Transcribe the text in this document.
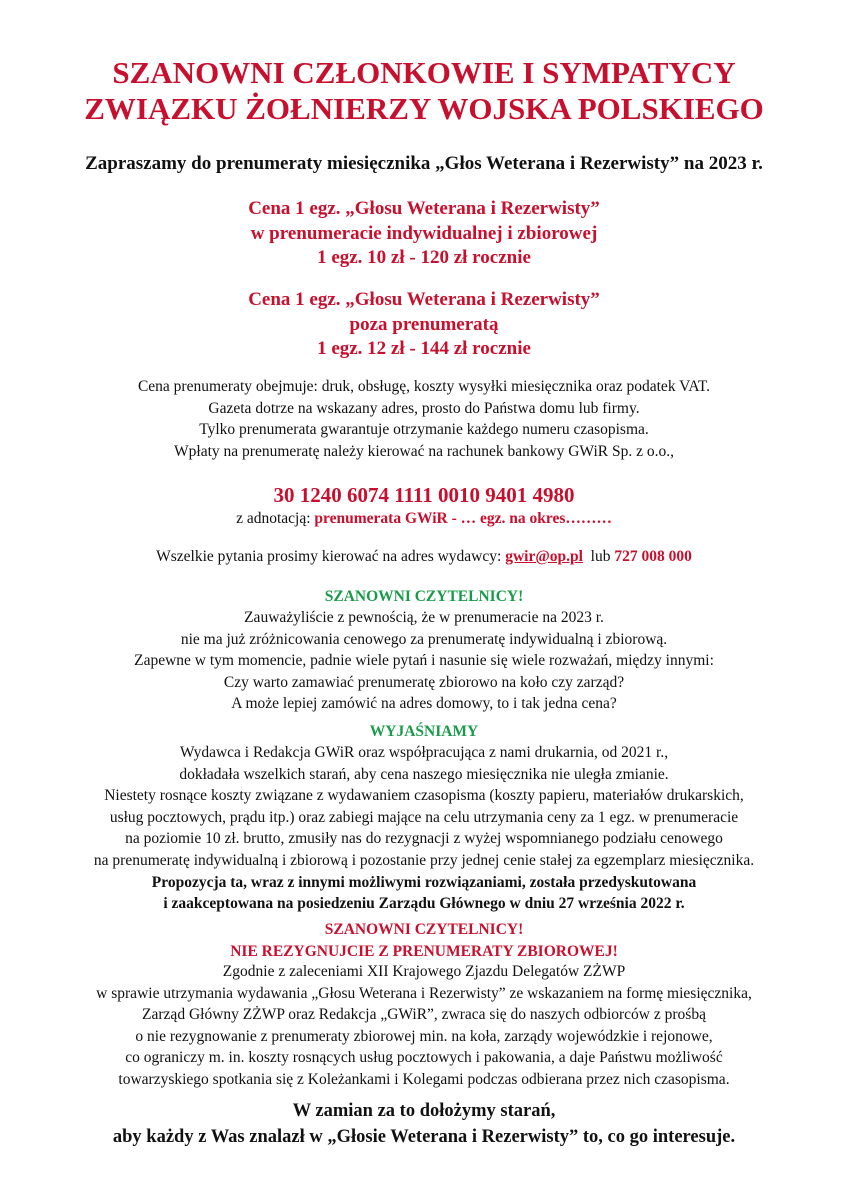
SZANOWNI CZŁONKOWIE I SYMPATYCY
ZWIĄZKU ŻOŁNIERZY WOJSKA POLSKIEGO
Zapraszamy do prenumeraty miesięcznika „Głos Weterana i Rezerwisty” na 2023 r.
Cena 1 egz. „Głosu Weterana i Rezerwisty”
w prenumeracie indywidualnej i zbiorowej
1 egz. 10 zł - 120 zł rocznie
Cena 1 egz. „Głosu Weterana i Rezerwisty”
poza prenumeratą
1 egz. 12 zł - 144 zł rocznie
Cena prenumeraty obejmuje: druk, obsługę, koszty wysyłki miesięcznika oraz podatek VAT.
Gazeta dotrze na wskazany adres, prosto do Państwa domu lub firmy.
Tylko prenumerata gwarantuje otrzymanie każdego numeru czasopisma.
Wpłaty na prenumeratę należy kierować na rachunek bankowy GWiR Sp. z o.o.,
30 1240 6074 1111 0010 9401 4980
z adnotacją: prenumerata GWiR - … egz. na okres………
Wszelkie pytania prosimy kierować na adres wydawcy: gwir@op.pl lub 727 008 000
SZANOWNI CZYTELNICY!
Zauważyliście z pewnością, że w prenumeracie na 2023 r.
nie ma już zróżnicowania cenowego za prenumeratę indywidualną i zbiorową.
Zapewne w tym momencie, padnie wiele pytań i nasunie się wiele rozważań, między innymi:
Czy warto zamawiać prenumeratę zbiorowo na koło czy zarząd?
A może lepiej zamówić na adres domowy, to i tak jedna cena?
WYJAŚNIAMY
Wydawca i Redakcja GWiR oraz współpracująca z nami drukarnia, od 2021 r.,
dokładała wszelkich starań, aby cena naszego miesięcznika nie uległa zmianie.
Niestety rosnące koszty związane z wydawaniem czasopisma (koszty papieru, materiałów drukarskich,
usług pocztowych, prądu itp.) oraz zabiegi mające na celu utrzymania ceny za 1 egz. w prenumeracie
na poziomie 10 zł. brutto, zmusiły nas do rezygnacji z wyżej wspomnianego podziału cenowego
na prenumeratę indywidualną i zbiorową i pozostanie przy jednej cenie stałej za egzemplarz miesięcznika.
Propozycja ta, wraz z innymi możliwymi rozwiązaniami, została przedyskutowana
i zaakceptowana na posiedzeniu Zarządu Głównego w dniu 27 września 2022 r.
SZANOWNI CZYTELNICY!
NIE REZYGNUJCIE Z PRENUMERATY ZBIOROWEJ!
Zgodnie z zaleceniami XII Krajowego Zjazdu Delegatów ZŻWP
w sprawie utrzymania wydawania „Głosu Weterana i Rezerwisty” ze wskazaniem na formę miesięcznika,
Zarząd Główny ZŻWP oraz Redakcja „GWiR”, zwraca się do naszych odbiorców z prośbą
o nie rezygnowanie z prenumeraty zbiorowej min. na koła, zarządy wojewódzkie i rejonowe,
co ograniczy m. in. koszty rosnących usług pocztowych i pakowania, a daje Państwu możliwość
towarzyskiego spotkania się z Koleżankami i Kolegami podczas odbierana przez nich czasopisma.
W zamian za to dołożymy starań,
aby każdy z Was znalazł w „Głosie Weterana i Rezerwisty” to, co go interesuje.
